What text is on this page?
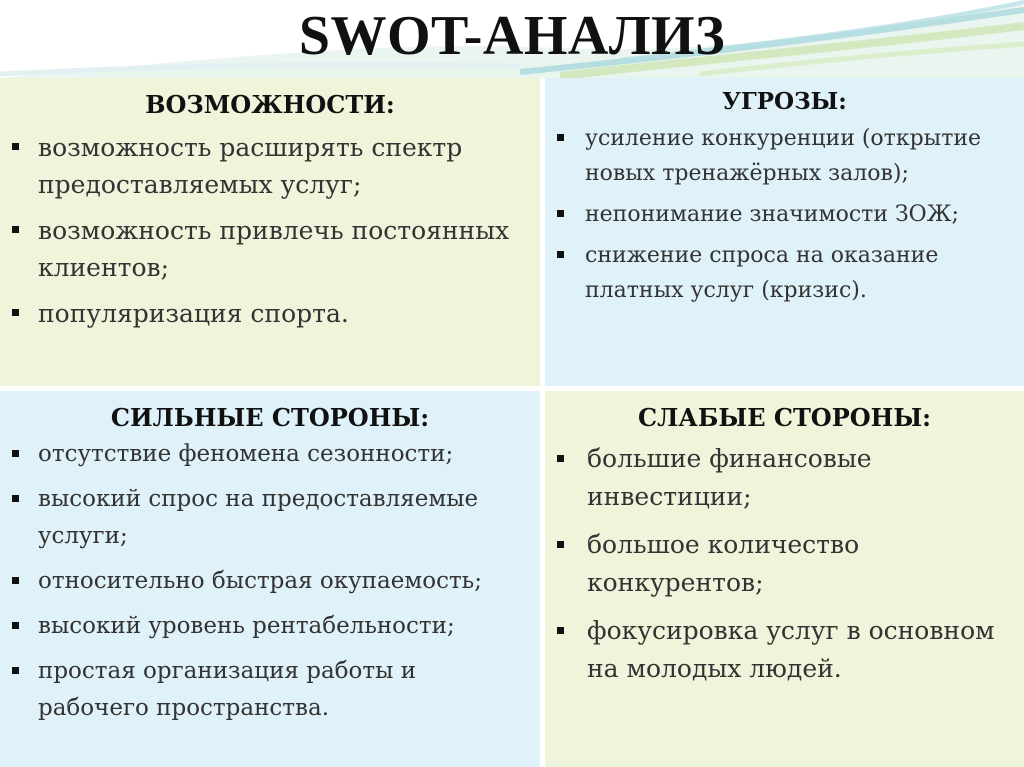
SWOT-АНАЛИЗ
ВОЗМОЖНОСТИ:
возможность расширять спектр предоставляемых услуг;
возможность привлечь постоянных клиентов;
популяризация спорта.
УГРОЗЫ:
усиление конкуренции (открытие новых тренажёрных залов);
непонимание значимости ЗОЖ;
снижение спроса на оказание платных услуг (кризис).
СИЛЬНЫЕ СТОРОНЫ:
отсутствие феномена сезонности;
высокий спрос на предоставляемые услуги;
относительно быстрая окупаемость;
высокий уровень рентабельности;
простая организация работы и рабочего пространства.
СЛАБЫЕ СТОРОНЫ:
большие финансовые инвестиции;
большое количество конкурентов;
фокусировка услуг в основном на молодых людей.
